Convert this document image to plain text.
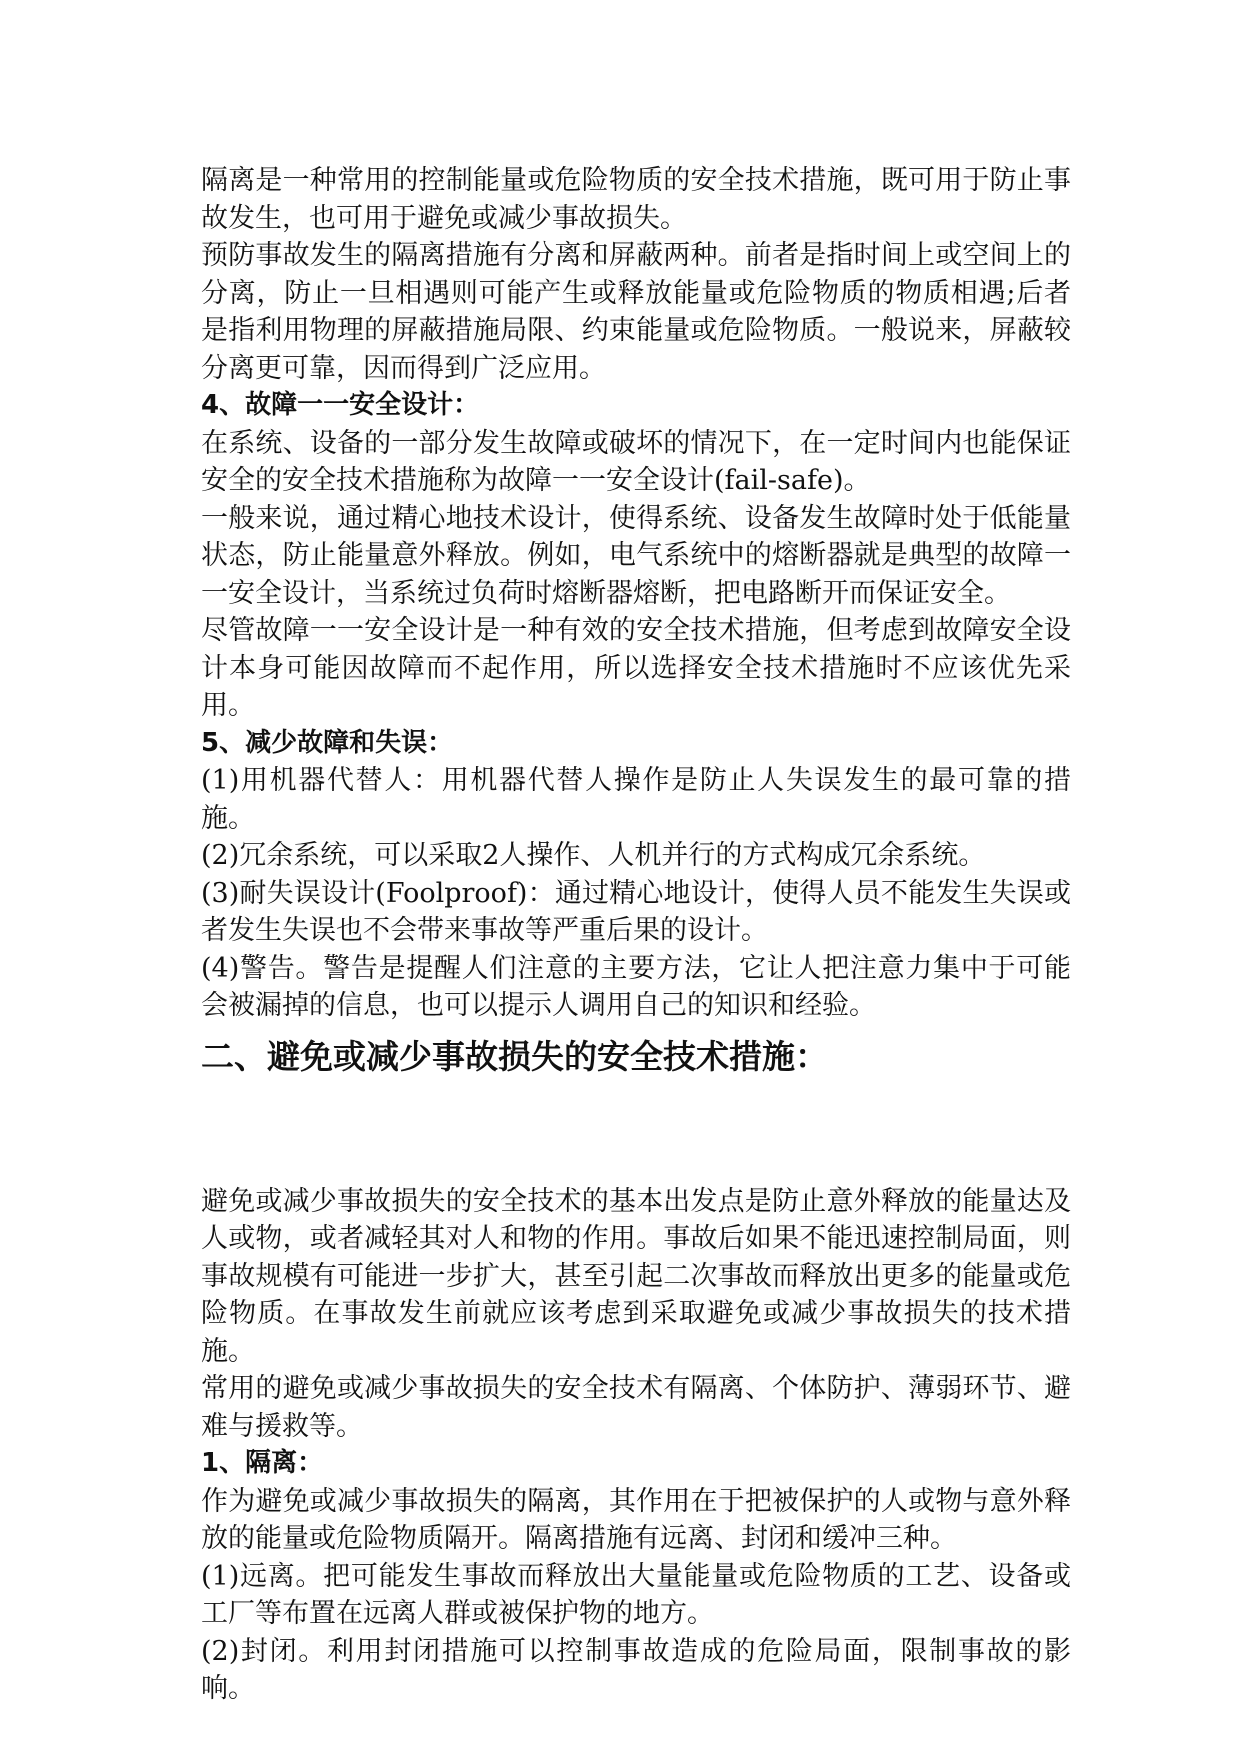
隔离是一种常用的控制能量或危险物质的安全技术措施，既可用于防止事故发生，也可用于避免或减少事故损失。

预防事故发生的隔离措施有分离和屏蔽两种。前者是指时间上或空间上的分离，防止一旦相遇则可能产生或释放能量或危险物质的物质相遇;后者是指利用物理的屏蔽措施局限、约束能量或危险物质。一般说来，屏蔽较分离更可靠，因而得到广泛应用。

4、故障一一安全设计：

在系统、设备的一部分发生故障或破坏的情况下，在一定时间内也能保证安全的安全技术措施称为故障一一安全设计(fail-safe)。

一般来说，通过精心地技术设计，使得系统、设备发生故障时处于低能量状态，防止能量意外释放。例如，电气系统中的熔断器就是典型的故障一一安全设计，当系统过负荷时熔断器熔断，把电路断开而保证安全。

尽管故障一一安全设计是一种有效的安全技术措施，但考虑到故障安全设计本身可能因故障而不起作用，所以选择安全技术措施时不应该优先采用。

5、减少故障和失误：

(1)用机器代替人：用机器代替人操作是防止人失误发生的最可靠的措施。

(2)冗余系统，可以采取2人操作、人机并行的方式构成冗余系统。

(3)耐失误设计(Foolproof)：通过精心地设计，使得人员不能发生失误或者发生失误也不会带来事故等严重后果的设计。

(4)警告。警告是提醒人们注意的主要方法，它让人把注意力集中于可能会被漏掉的信息，也可以提示人调用自己的知识和经验。

二、避免或减少事故损失的安全技术措施：

避免或减少事故损失的安全技术的基本出发点是防止意外释放的能量达及人或物，或者减轻其对人和物的作用。事故后如果不能迅速控制局面，则事故规模有可能进一步扩大，甚至引起二次事故而释放出更多的能量或危险物质。在事故发生前就应该考虑到采取避免或减少事故损失的技术措施。

常用的避免或减少事故损失的安全技术有隔离、个体防护、薄弱环节、避难与援救等。

1、隔离：

作为避免或减少事故损失的隔离，其作用在于把被保护的人或物与意外释放的能量或危险物质隔开。隔离措施有远离、封闭和缓冲三种。

(1)远离。把可能发生事故而释放出大量能量或危险物质的工艺、设备或工厂等布置在远离人群或被保护物的地方。

(2)封闭。利用封闭措施可以控制事故造成的危险局面，限制事故的影响。
